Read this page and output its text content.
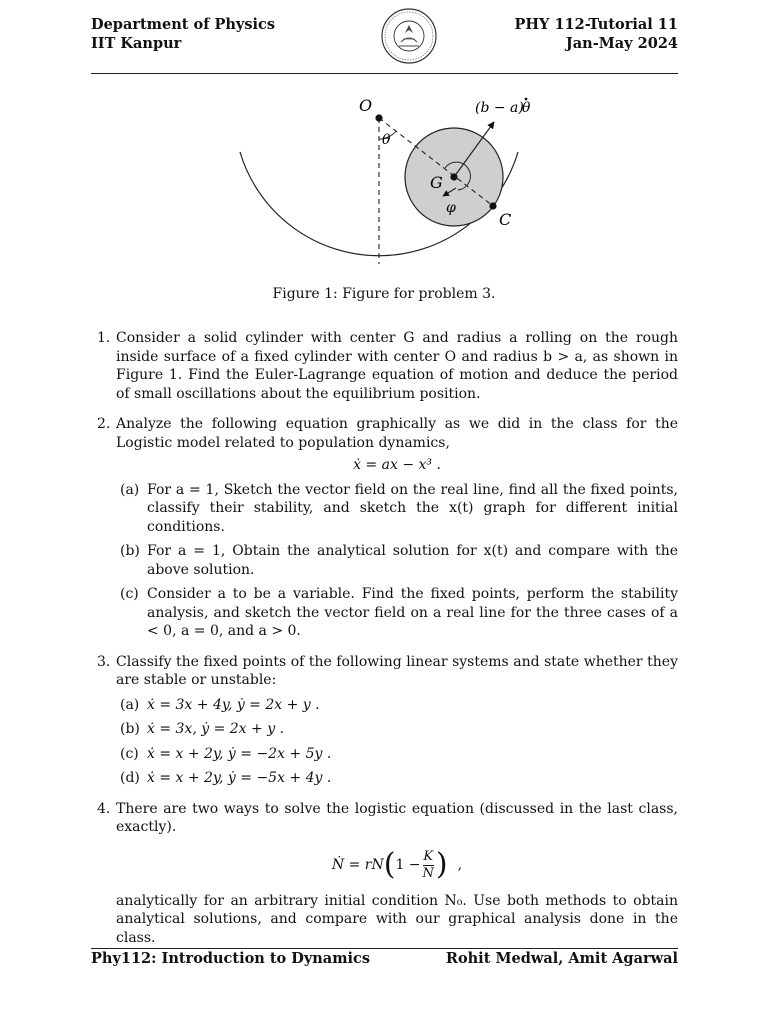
Department of Physics
IIT Kanpur
PHY 112-Tutorial 11
Jan-May 2024
O
θ
G
φ
C
(b − a)
θ
Figure 1: Figure for problem 3.
1. Consider a solid cylinder with center G and radius a rolling on the rough inside surface of a fixed cylinder with center O and radius b > a, as shown in Figure 1. Find the Euler-Lagrange equation of motion and deduce the period of small oscillations about the equilibrium position.
2. Analyze the following equation graphically as we did in the class for the Logistic model related to population dynamics,
ẋ = ax − x³ .
(a) For a = 1, Sketch the vector field on the real line, find all the fixed points, classify their stability, and sketch the x(t) graph for different initial conditions.
(b) For a = 1, Obtain the analytical solution for x(t) and compare with the above solution.
(c) Consider a to be a variable. Find the fixed points, perform the stability analysis, and sketch the vector field on a real line for the three cases of a < 0, a = 0, and a > 0.
3. Classify the fixed points of the following linear systems and state whether they are stable or unstable:
(a) ẋ = 3x + 4y, ẏ = 2x + y .
(b) ẋ = 3x, ẏ = 2x + y .
(c) ẋ = x + 2y, ẏ = −2x + 5y .
(d) ẋ = x + 2y, ẏ = −5x + 4y .
4. There are two ways to solve the logistic equation (discussed in the last class, exactly).
Ṅ = rN ( $1 - \frac{K}{N}$ ) ,
analytically for an arbitrary initial condition N₀. Use both methods to obtain analytical solutions, and compare with our graphical analysis done in the class.
Phy112: Introduction to Dynamics	Rohit Medwal, Amit Agarwal
